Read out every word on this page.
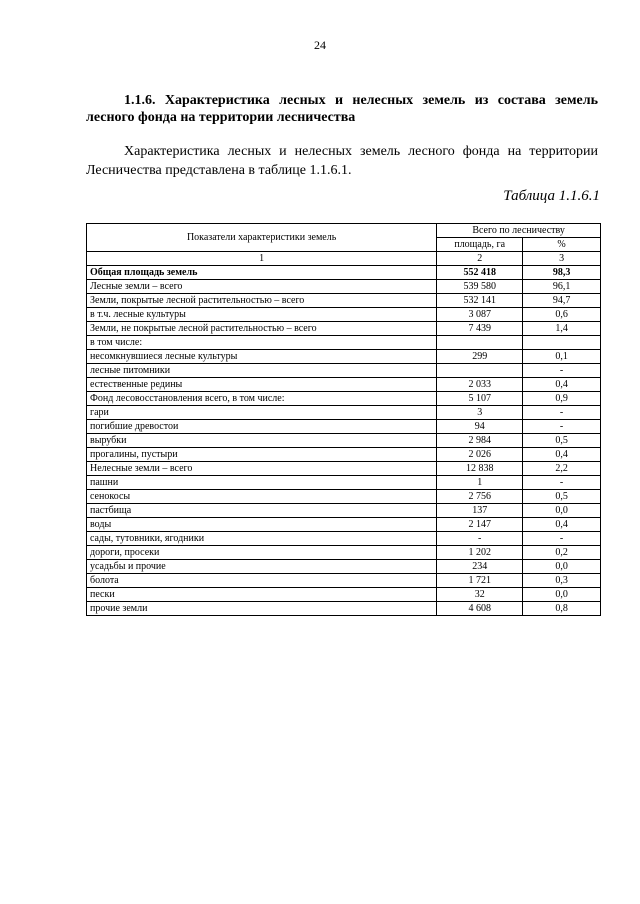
24
1.1.6. Характеристика лесных и нелесных земель из состава земель лесного фонда на территории лесничества
Характеристика лесных и нелесных земель лесного фонда на территории Лесничества представлена в таблице 1.1.6.1.
Таблица 1.1.6.1
Показатели характеристики земель	Всего по лесничеству	
	площадь, га	%
1	2	3
Общая площадь земель	552 418	98,3
Лесные земли – всего	539 580	96,1
Земли, покрытые лесной растительностью – всего	532 141	94,7
в т.ч. лесные культуры	3 087	0,6
Земли, не покрытые лесной растительностью – всего	7 439	1,4
в том числе:		
несомкнувшиеся лесные культуры	299	0,1
лесные питомники		-
естественные редины	2 033	0,4
Фонд лесовосстановления всего, в том числе:	5 107	0,9
гари	3	-
погибшие древостои	94	-
вырубки	2 984	0,5
прогалины, пустыри	2 026	0,4
Нелесные земли – всего	12 838	2,2
пашни	1	-
сенокосы	2 756	0,5
пастбища	137	0,0
воды	2 147	0,4
сады, тутовники, ягодники	-	-
дороги, просеки	1 202	0,2
усадьбы и прочие	234	0,0
болота	1 721	0,3
пески	32	0,0
прочие земли	4 608	0,8
